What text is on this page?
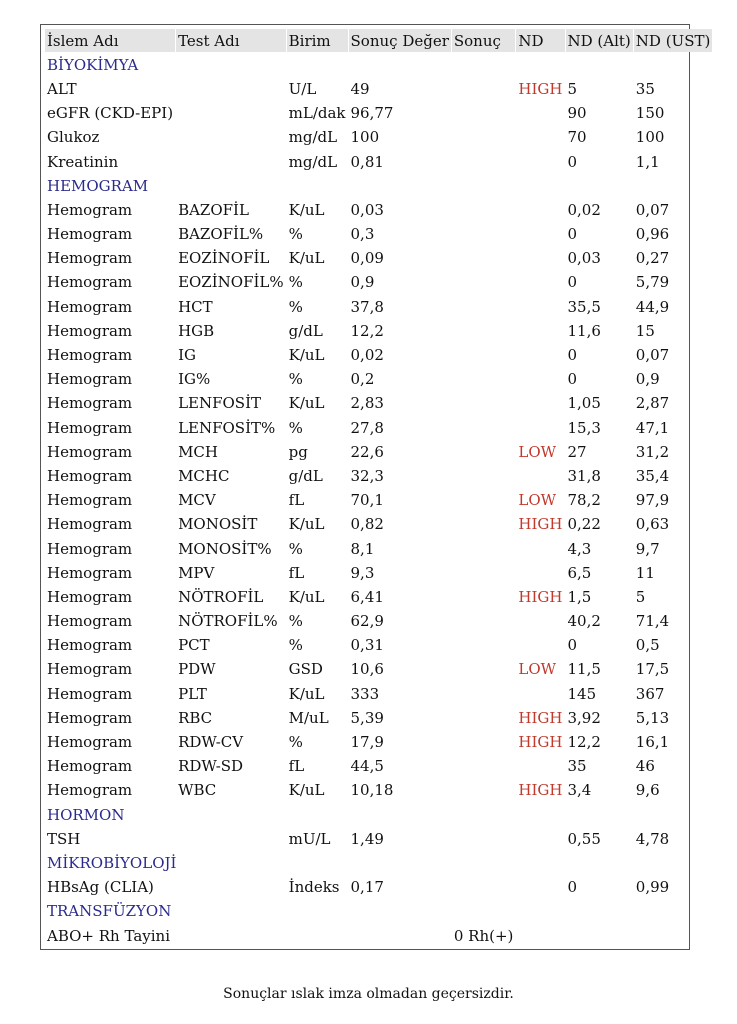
İslem Adı	Test Adı	Birim	Sonuç Değer	Sonuç	ND	ND (Alt)	ND (UST)
BİYOKİMYA							
ALT		U/L	49		HIGH	5	35
eGFR (CKD-EPI)		mL/dak	96,77			90	150
Glukoz		mg/dL	100			70	100
Kreatinin		mg/dL	0,81			0	1,1
HEMOGRAM							
Hemogram	BAZOFİL	K/uL	0,03			0,02	0,07
Hemogram	BAZOFİL%	%	0,3			0	0,96
Hemogram	EOZİNOFİL	K/uL	0,09			0,03	0,27
Hemogram	EOZİNOFİL%	%	0,9			0	5,79
Hemogram	HCT	%	37,8			35,5	44,9
Hemogram	HGB	g/dL	12,2			11,6	15
Hemogram	IG	K/uL	0,02			0	0,07
Hemogram	IG%	%	0,2			0	0,9
Hemogram	LENFOSİT	K/uL	2,83			1,05	2,87
Hemogram	LENFOSİT%	%	27,8			15,3	47,1
Hemogram	MCH	pg	22,6		LOW	27	31,2
Hemogram	MCHC	g/dL	32,3			31,8	35,4
Hemogram	MCV	fL	70,1		LOW	78,2	97,9
Hemogram	MONOSİT	K/uL	0,82		HIGH	0,22	0,63
Hemogram	MONOSİT%	%	8,1			4,3	9,7
Hemogram	MPV	fL	9,3			6,5	11
Hemogram	NÖTROFİL	K/uL	6,41		HIGH	1,5	5
Hemogram	NÖTROFİL%	%	62,9			40,2	71,4
Hemogram	PCT	%	0,31			0	0,5
Hemogram	PDW	GSD	10,6		LOW	11,5	17,5
Hemogram	PLT	K/uL	333			145	367
Hemogram	RBC	M/uL	5,39		HIGH	3,92	5,13
Hemogram	RDW-CV	%	17,9		HIGH	12,2	16,1
Hemogram	RDW-SD	fL	44,5			35	46
Hemogram	WBC	K/uL	10,18		HIGH	3,4	9,6
HORMON							
TSH		mU/L	1,49			0,55	4,78
MİKROBİYOLOJİ							
HBsAg (CLIA)		İndeks	0,17			0	0,99
TRANSFÜZYON							
ABO+ Rh Tayini				0 Rh(+)			
Sonuçlar ıslak imza olmadan geçersizdir.
